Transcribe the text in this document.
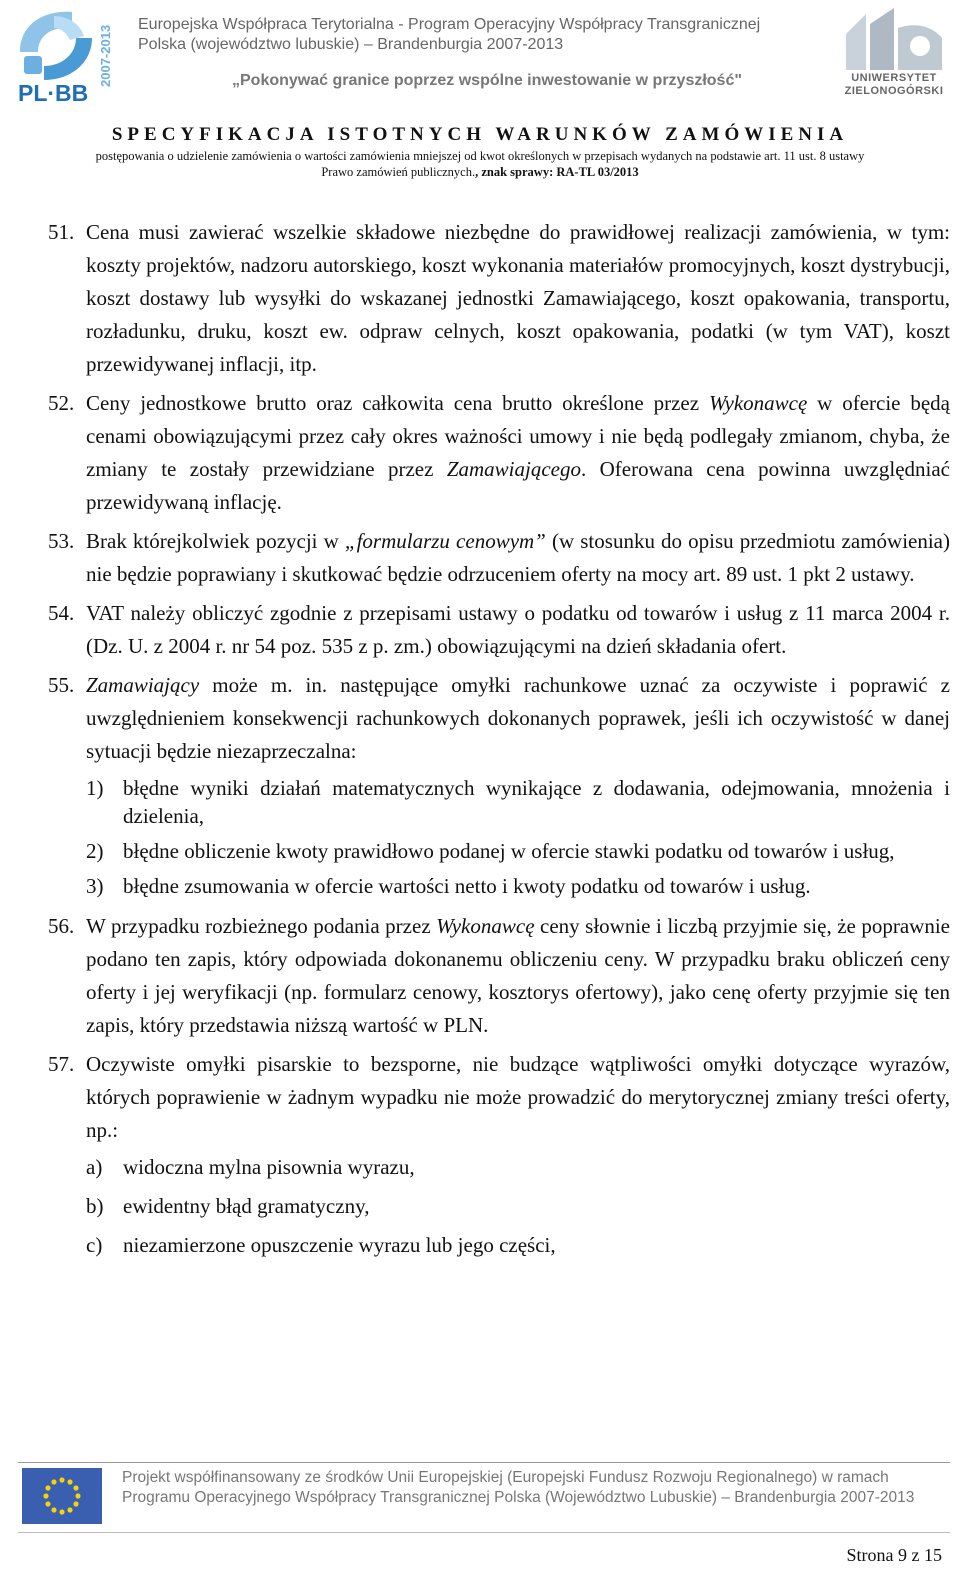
2007-2013
PL·BB
Europejska Współpraca Terytorialna - Program Operacyjny Współpracy Transgranicznej
Polska (województwo lubuskie) – Brandenburgia 2007-2013
„Pokonywać granice poprzez wspólne inwestowanie w przyszłość"	UNIWERSYTET
ZIELONOGÓRSKI
SPECYFIKACJA ISTOTNYCH WARUNKÓW ZAMÓWIENIA
postępowania o udzielenie zamówienia o wartości zamówienia mniejszej od kwot określonych w przepisach wydanych na podstawie art. 11 ust. 8 ustawy
Prawo zamówień publicznych., znak sprawy: RA-TL 03/2013
51. Cena musi zawierać wszelkie składowe niezbędne do prawidłowej realizacji zamówienia, w tym: koszty projektów, nadzoru autorskiego, koszt wykonania materiałów promocyjnych, koszt dystrybucji, koszt dostawy lub wysyłki do wskazanej jednostki Zamawiającego, koszt opakowania, transportu, rozładunku, druku, koszt ew. odpraw celnych, koszt opakowania, podatki (w tym VAT), koszt przewidywanej inflacji, itp.
52. Ceny jednostkowe brutto oraz całkowita cena brutto określone przez Wykonawcę w ofercie będą cenami obowiązującymi przez cały okres ważności umowy i nie będą podlegały zmianom, chyba, że zmiany te zostały przewidziane przez Zamawiającego. Oferowana cena powinna uwzględniać przewidywaną inflację.
53. Brak którejkolwiek pozycji w „formularzu cenowym” (w stosunku do opisu przedmiotu zamówienia) nie będzie poprawiany i skutkować będzie odrzuceniem oferty na mocy art. 89 ust. 1 pkt 2 ustawy.
54. VAT należy obliczyć zgodnie z przepisami ustawy o podatku od towarów i usług z 11 marca 2004 r. (Dz. U. z 2004 r. nr 54 poz. 535 z p. zm.) obowiązującymi na dzień składania ofert.
55. Zamawiający może m. in. następujące omyłki rachunkowe uznać za oczywiste i poprawić z uwzględnieniem konsekwencji rachunkowych dokonanych poprawek, jeśli ich oczywistość w danej sytuacji będzie niezaprzeczalna:
1) błędne wyniki działań matematycznych wynikające z dodawania, odejmowania, mnożenia i dzielenia,
2) błędne obliczenie kwoty prawidłowo podanej w ofercie stawki podatku od towarów i usług,
3) błędne zsumowania w ofercie wartości netto i kwoty podatku od towarów i usług.
56. W przypadku rozbieżnego podania przez Wykonawcę ceny słownie i liczbą przyjmie się, że poprawnie podano ten zapis, który odpowiada dokonanemu obliczeniu ceny. W przypadku braku obliczeń ceny oferty i jej weryfikacji (np. formularz cenowy, kosztorys ofertowy), jako cenę oferty przyjmie się ten zapis, który przedstawia niższą wartość w PLN.
57. Oczywiste omyłki pisarskie to bezsporne, nie budzące wątpliwości omyłki dotyczące wyrazów, których poprawienie w żadnym wypadku nie może prowadzić do merytorycznej zmiany treści oferty, np.:
a) widoczna mylna pisownia wyrazu,
b) ewidentny błąd gramatyczny,
c) niezamierzone opuszczenie wyrazu lub jego części,
Projekt współfinansowany ze środków Unii Europejskiej (Europejski Fundusz Rozwoju Regionalnego) w ramach
Programu Operacyjnego Współpracy Transgranicznej Polska (Województwo Lubuskie) – Brandenburgia 2007-2013
Strona 9 z 15
